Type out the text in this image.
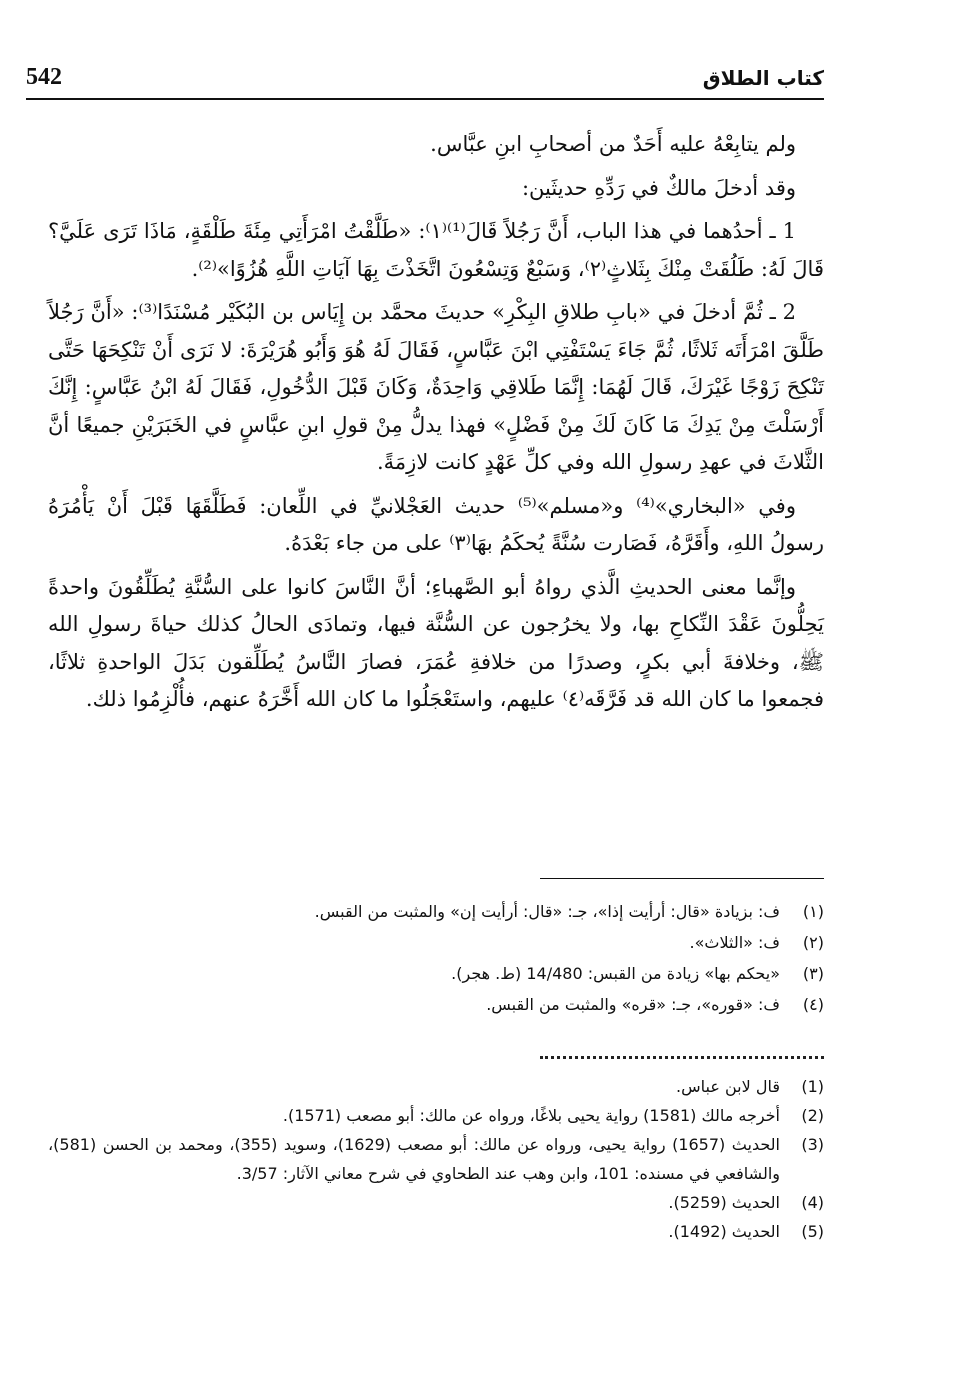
542	كتاب الطلاق

ولم يتابِعْهُ عليه أَحَدٌ من أصحابِ ابنِ عبَّاس.

وقد أدخلَ مالكٌ في رَدِّهِ حديثَين:

1 ـ أحدُهما في هذا الباب، أَنَّ رَجُلاً قَالَ⁽¹⁾⁽١⁾: «طَلَّقْتُ امْرَأَتِي مِئَةَ طَلْقَةٍ، مَاذَا تَرَى عَلَيَّ؟ قَالَ لَهُ: طَلُقَتْ مِنْكَ بِثَلاثٍ⁽٢⁾، وَسَبْعٌ وَتِسْعُونَ اتَّخَذْتَ بِهَا آيَاتِ اللَّهِ هُزُوًا»⁽²⁾.

2 ـ ثُمَّ أدخلَ في «بابِ طلاقِ البِكْرِ» حديثَ محمَّد بن إِيَاس بن البُكَيْر مُسْنَدًا⁽³⁾: «أَنَّ رَجُلاً طَلَّقَ امْرَأَتَه ثَلاثًا، ثُمَّ جَاءَ يَسْتَفْتِي ابْنَ عَبَّاسٍ، فَقَالَ لَهُ هُوَ وَأَبُو هُرَيْرَةَ: لا نَرَى أَنْ تَنْكِحَهَا حَتَّى تَنْكِحَ زَوْجًا غَيْرَكَ، قَالَ لَهُمَا: إِنَّمَا طَلاقِي وَاحِدَةٌ، وَكَانَ قَبْلَ الدُّخُولِ، فَقَالَ لَهُ ابْنُ عَبَّاسٍ: إِنَّكَ أَرْسَلْتَ مِنْ يَدِكَ مَا كَانَ لَكَ مِنْ فَضْلٍ» فهذا يدلُّ مِنْ قولِ ابنِ عبَّاسٍ في الخَبَرَيْنِ جميعًا أنَّ الثَّلاثَ في عهدِ رسولِ الله وفي كلِّ عَهْدٍ كانت لازِمَةً.

وفي «البخاري»⁽⁴⁾ و«مسلم»⁽⁵⁾ حديث العَجْلانيِّ في اللِّعان: فَطَلَّقَهَا قَبْلَ أَنْ يَأْمُرَهُ رسولُ اللهِ، وأَقَرَّهُ، فَصَارت سُنَّةً يُحكَمُ بهَا⁽٣⁾ على من جاء بَعْدَهُ.

وإنَّما معنى الحديثِ الَّذي رواهُ أبو الصَّهباءِ؛ أنَّ النَّاسَ كانوا على السُّنَّةِ يُطَلِّقُونَ واحدةً يَحِلُّونَ عَقْدَ النِّكاحِ بها، ولا يخرُجون عن السُّنَّة فيها، وتمادَى الحالُ كذلك حياةَ رسولِ الله ﷺ، وخلافةَ أبي بكرٍ، وصدرًا من خلافةِ عُمَرَ، فصارَ النَّاسُ يُطَلِّقون بَدَلَ الواحدةِ ثلاثًا، فجمعوا ما كان الله قد فَرَّقَه⁽٤⁾ عليهم، واستَعْجَلُوا ما كان الله أَخَّرَهُ عنهم، فأُلْزِمُوا ذلك.

(١)
ف: بزيادة «قال: أرأيت إذا»، جـ: «قال: أرأيت إن» والمثبت من القبس.
(٢)
ف: «الثلاث».
(٣)
«يحكم بها» زيادة من القبس: 14/480 (ط. هجر).
(٤)
ف: «قوره»، جـ: «قره» والمثبت من القبس.
(1)
قال لابن عباس.
(2)
أخرجه مالك (1581) رواية يحيى بلاغًا، ورواه عن مالك: أبو مصعب (1571).
(3)
الحديث (1657) رواية يحيى، ورواه عن مالك: أبو مصعب (1629)، وسويد (355)، ومحمد بن الحسن (581)، والشافعي في مسنده: 101، وابن وهب عند الطحاوي في شرح معاني الآثار: 3/57.
(4)
الحديث (5259).
(5)
الحديث (1492).
